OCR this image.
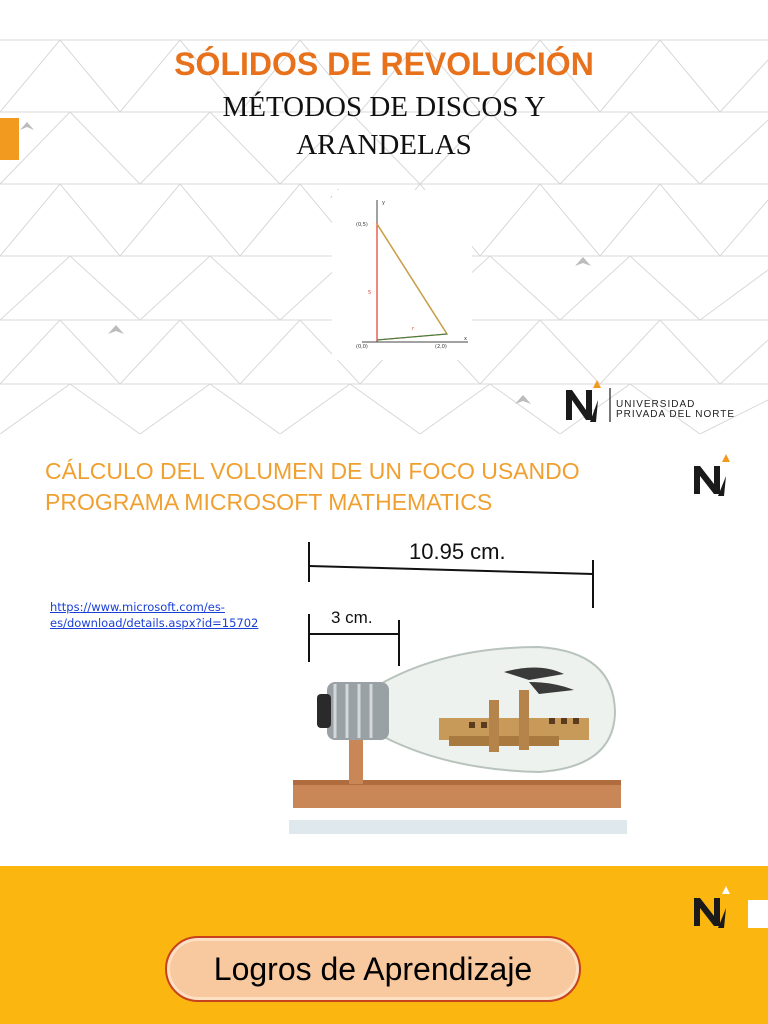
SÓLIDOS DE REVOLUCIÓN
MÉTODOS DE DISCOS Y
ARANDELAS
y
x
(0,0)
(0,5)
(2,0)
5
r
UNIVERSIDAD
PRIVADA DEL NORTE
CÁLCULO DEL VOLUMEN DE UN FOCO USANDO
PROGRAMA MICROSOFT MATHEMATICS
https://www.microsoft.com/es-
es/download/details.aspx?id=15702
10.95 cm.
3 cm.
Logros de Aprendizaje
